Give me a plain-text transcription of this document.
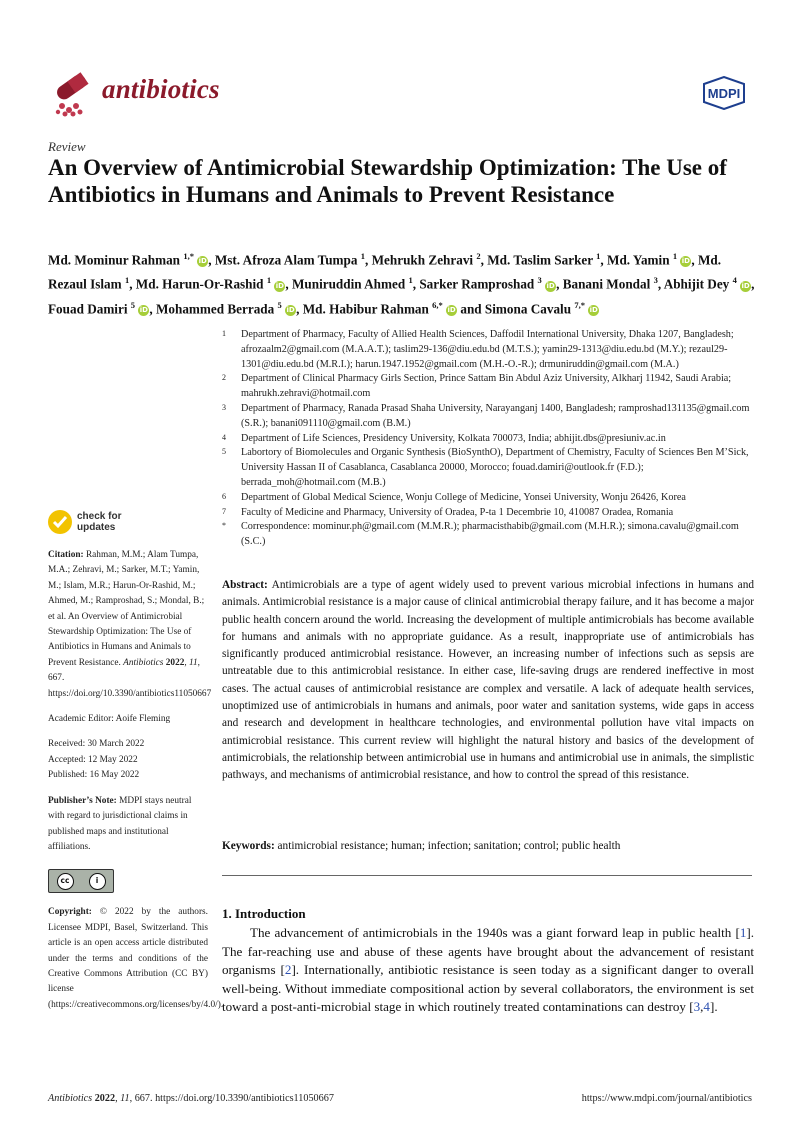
antibiotics	MDPI
Review
An Overview of Antimicrobial Stewardship Optimization: The Use of Antibiotics in Humans and Animals to Prevent Resistance
Md. Mominur Rahman $^{1,*}$ iD, Mst. Afroza Alam Tumpa $^1$, Mehrukh Zehravi $^2$, Md. Taslim Sarker $^1$, Md. Yamin $^1$ iD, Md. Rezaul Islam $^1$, Md. Harun-Or-Rashid $^1$ iD, Muniruddin Ahmed $^1$, Sarker Ramproshad $^3$ iD, Banani Mondal $^3$, Abhijit Dey $^4$ iD, Fouad Damiri $^5$ iD, Mohammed Berrada $^5$ iD, Md. Habibur Rahman $^{6,*}$ iD and Simona Cavalu $^{7,*}$ iD
1	Department of Pharmacy, Faculty of Allied Health Sciences, Daffodil International University, Dhaka 1207, Bangladesh; afrozaalm2@gmail.com (M.A.A.T.); taslim29-136@diu.edu.bd (M.T.S.); yamin29-1313@diu.edu.bd (M.Y.); rezaul29-1301@diu.edu.bd (M.R.I.); harun.1947.1952@gmail.com (M.H.-O.-R.); drmuniruddin@gmail.com (M.A.)
2	Department of Clinical Pharmacy Girls Section, Prince Sattam Bin Abdul Aziz University, Alkharj 11942, Saudi Arabia; mahrukh.zehravi@hotmail.com
3	Department of Pharmacy, Ranada Prasad Shaha University, Narayanganj 1400, Bangladesh; ramproshad131135@gmail.com (S.R.); banani091110@gmail.com (B.M.)
4	Department of Life Sciences, Presidency University, Kolkata 700073, India; abhijit.dbs@presiuniv.ac.in
5	Labortory of Biomolecules and Organic Synthesis (BioSynthO), Department of Chemistry, Faculty of Sciences Ben M’Sick, University Hassan II of Casablanca, Casablanca 20000, Morocco; fouad.damiri@outlook.fr (F.D.); berrada_moh@hotmail.com (M.B.)
6	Department of Global Medical Science, Wonju College of Medicine, Yonsei University, Wonju 26426, Korea
7	Faculty of Medicine and Pharmacy, University of Oradea, P-ta 1 Decembrie 10, 410087 Oradea, Romania
*	Correspondence: mominur.ph@gmail.com (M.M.R.); pharmacisthabib@gmail.com (M.H.R.); simona.cavalu@gmail.com (S.C.)
check for
updates
Citation: Rahman, M.M.; Alam Tumpa, M.A.; Zehravi, M.; Sarker, M.T.; Yamin, M.; Islam, M.R.; Harun-Or-Rashid, M.; Ahmed, M.; Ramproshad, S.; Mondal, B.; et al. An Overview of Antimicrobial Stewardship Optimization: The Use of Antibiotics in Humans and Animals to Prevent Resistance. Antibiotics 2022, 11, 667. https://doi.org/10.3390/antibiotics11050667
Academic Editor: Aoife Fleming
Received: 30 March 2022
Accepted: 12 May 2022
Published: 16 May 2022
Publisher’s Note: MDPI stays neutral with regard to jurisdictional claims in published maps and institutional affiliations.
cc	i
Copyright: © 2022 by the authors. Licensee MDPI, Basel, Switzerland. This article is an open access article distributed under the terms and conditions of the Creative Commons Attribution (CC BY) license (https://creativecommons.org/licenses/by/4.0/).
Abstract: Antimicrobials are a type of agent widely used to prevent various microbial infections in humans and animals. Antimicrobial resistance is a major cause of clinical antimicrobial therapy failure, and it has become a major public health concern around the world. Increasing the development of multiple antimicrobials has become available for humans and animals with no appropriate guidance. As a result, inappropriate use of antimicrobials has significantly produced antimicrobial resistance. However, an increasing number of infections such as sepsis are untreatable due to this antimicrobial resistance. In either case, life-saving drugs are rendered ineffective in most cases. The actual causes of antimicrobial resistance are complex and versatile. A lack of adequate health services, unoptimized use of antimicrobials in humans and animals, poor water and sanitation systems, wide gaps in access and research and development in healthcare technologies, and environmental pollution have vital impacts on antimicrobial resistance. This current review will highlight the natural history and basics of the development of antimicrobials, the relationship between antimicrobial use in humans and antimicrobial use in animals, the simplistic pathways, and mechanisms of antimicrobial resistance, and how to control the spread of this resistance.
Keywords: antimicrobial resistance; human; infection; sanitation; control; public health
1. Introduction
The advancement of antimicrobials in the 1940s was a giant forward leap in public health [1]. The far-reaching use and abuse of these agents have brought about the advancement of resistant organisms [2]. Internationally, antibiotic resistance is seen today as a significant danger to overall well-being. Without immediate compositional action by several collaborators, the environment is set toward a post-anti-microbial stage in which routinely treated contaminations can destroy [3,4].
Antibiotics 2022, 11, 667. https://doi.org/10.3390/antibiotics11050667	https://www.mdpi.com/journal/antibiotics
